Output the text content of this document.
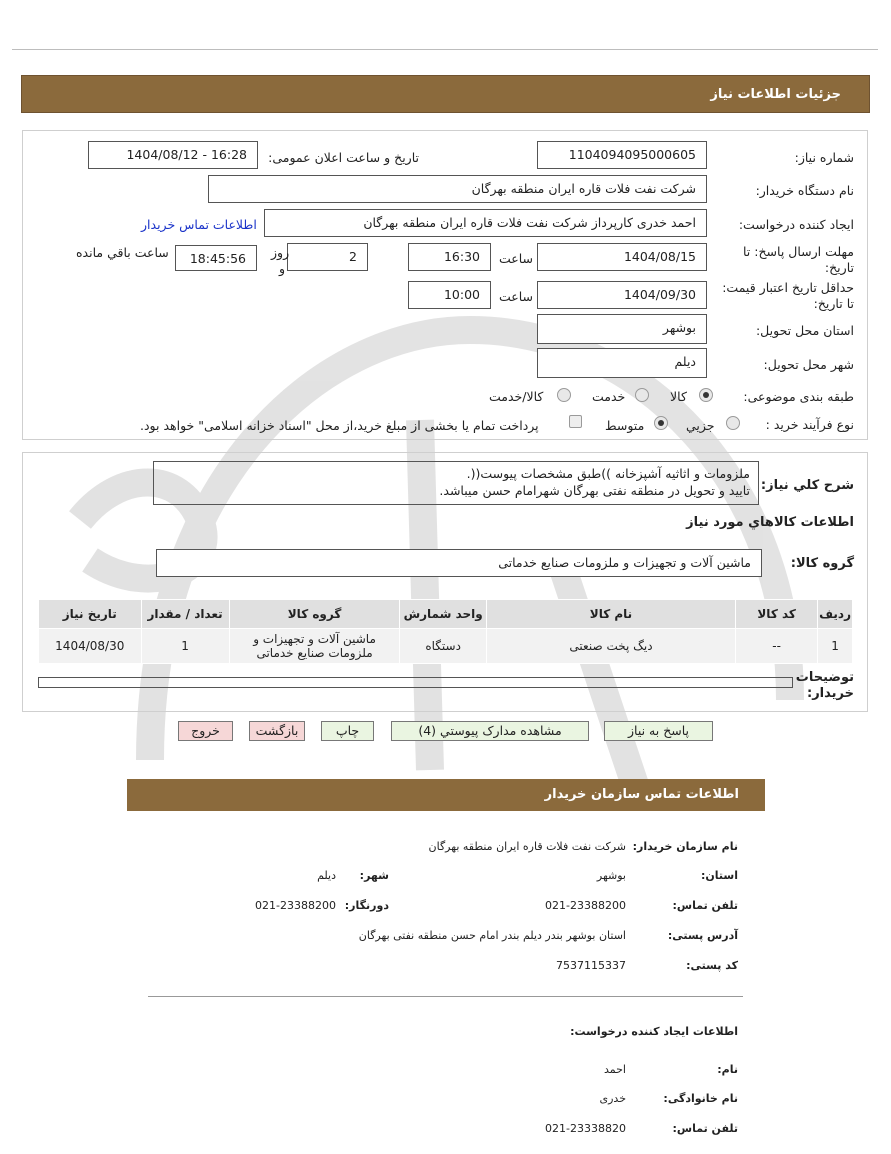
جزئیات اطلاعات نیاز
شماره نیاز:
1104094095000605
تاریخ و ساعت اعلان عمومی:
1404/08/12 - 16:28
نام دستگاه خریدار:
شرکت نفت فلات قاره ایران منطقه بهرگان
ایجاد کننده درخواست:
احمد خدری کارپرداز شرکت نفت فلات قاره ایران منطقه بهرگان
اطلاعات تماس خریدار
مهلت ارسال پاسخ: تا
تاریخ:
1404/08/15
ساعت
16:30
2
روز
و
18:45:56
ساعت باقي مانده
حداقل تاریخ اعتبار قیمت:
تا تاریخ:
1404/09/30
ساعت
10:00
استان محل تحویل:
بوشهر
شهر محل تحویل:
دیلم
طبقه بندی موضوعی:
کالا
خدمت
کالا/خدمت
نوع فرآیند خرید :
جزیي
متوسط
پرداخت تمام یا بخشی از مبلغ خرید،از محل "اسناد خزانه اسلامی" خواهد بود.
شرح کلي نیاز:
ملزومات و اثاثیه آشپزخانه ))طبق مشخصات پیوست((.
تایید و تحویل در منطقه نفتی بهرگان شهرامام حسن میباشد.
اطلاعات کالاهاي مورد نیاز
گروه کالا:
ماشین آلات و تجهیزات و ملزومات صنایع خدماتی
ردیف	کد کالا	نام کالا	واحد شمارش	گروه کالا	تعداد / مقدار	تاریخ نیاز
1	--	دیگ پخت صنعتی	دستگاه	ماشین آلات و تجهیزات و ملزومات صنایع خدماتی	1	1404/08/30
توضیحات
خریدار:
پاسخ به نیاز
مشاهده مدارک پیوستي (4)
چاپ
بازگشت
خروج
اطلاعات تماس سازمان خریدار
نام سازمان خریدار:
شرکت نفت فلات قاره ایران منطقه بهرگان
استان:
بوشهر
شهر:
دیلم
تلفن تماس:
021-23388200
دورنگار:
021-23388200
آدرس پستی:
استان بوشهر بندر دیلم بندر امام حسن منطقه نفتی بهرگان
کد پستی:
7537115337
اطلاعات ایجاد کننده درخواست:
نام:
احمد
نام خانوادگی:
خدری
تلفن تماس:
021-23338820
